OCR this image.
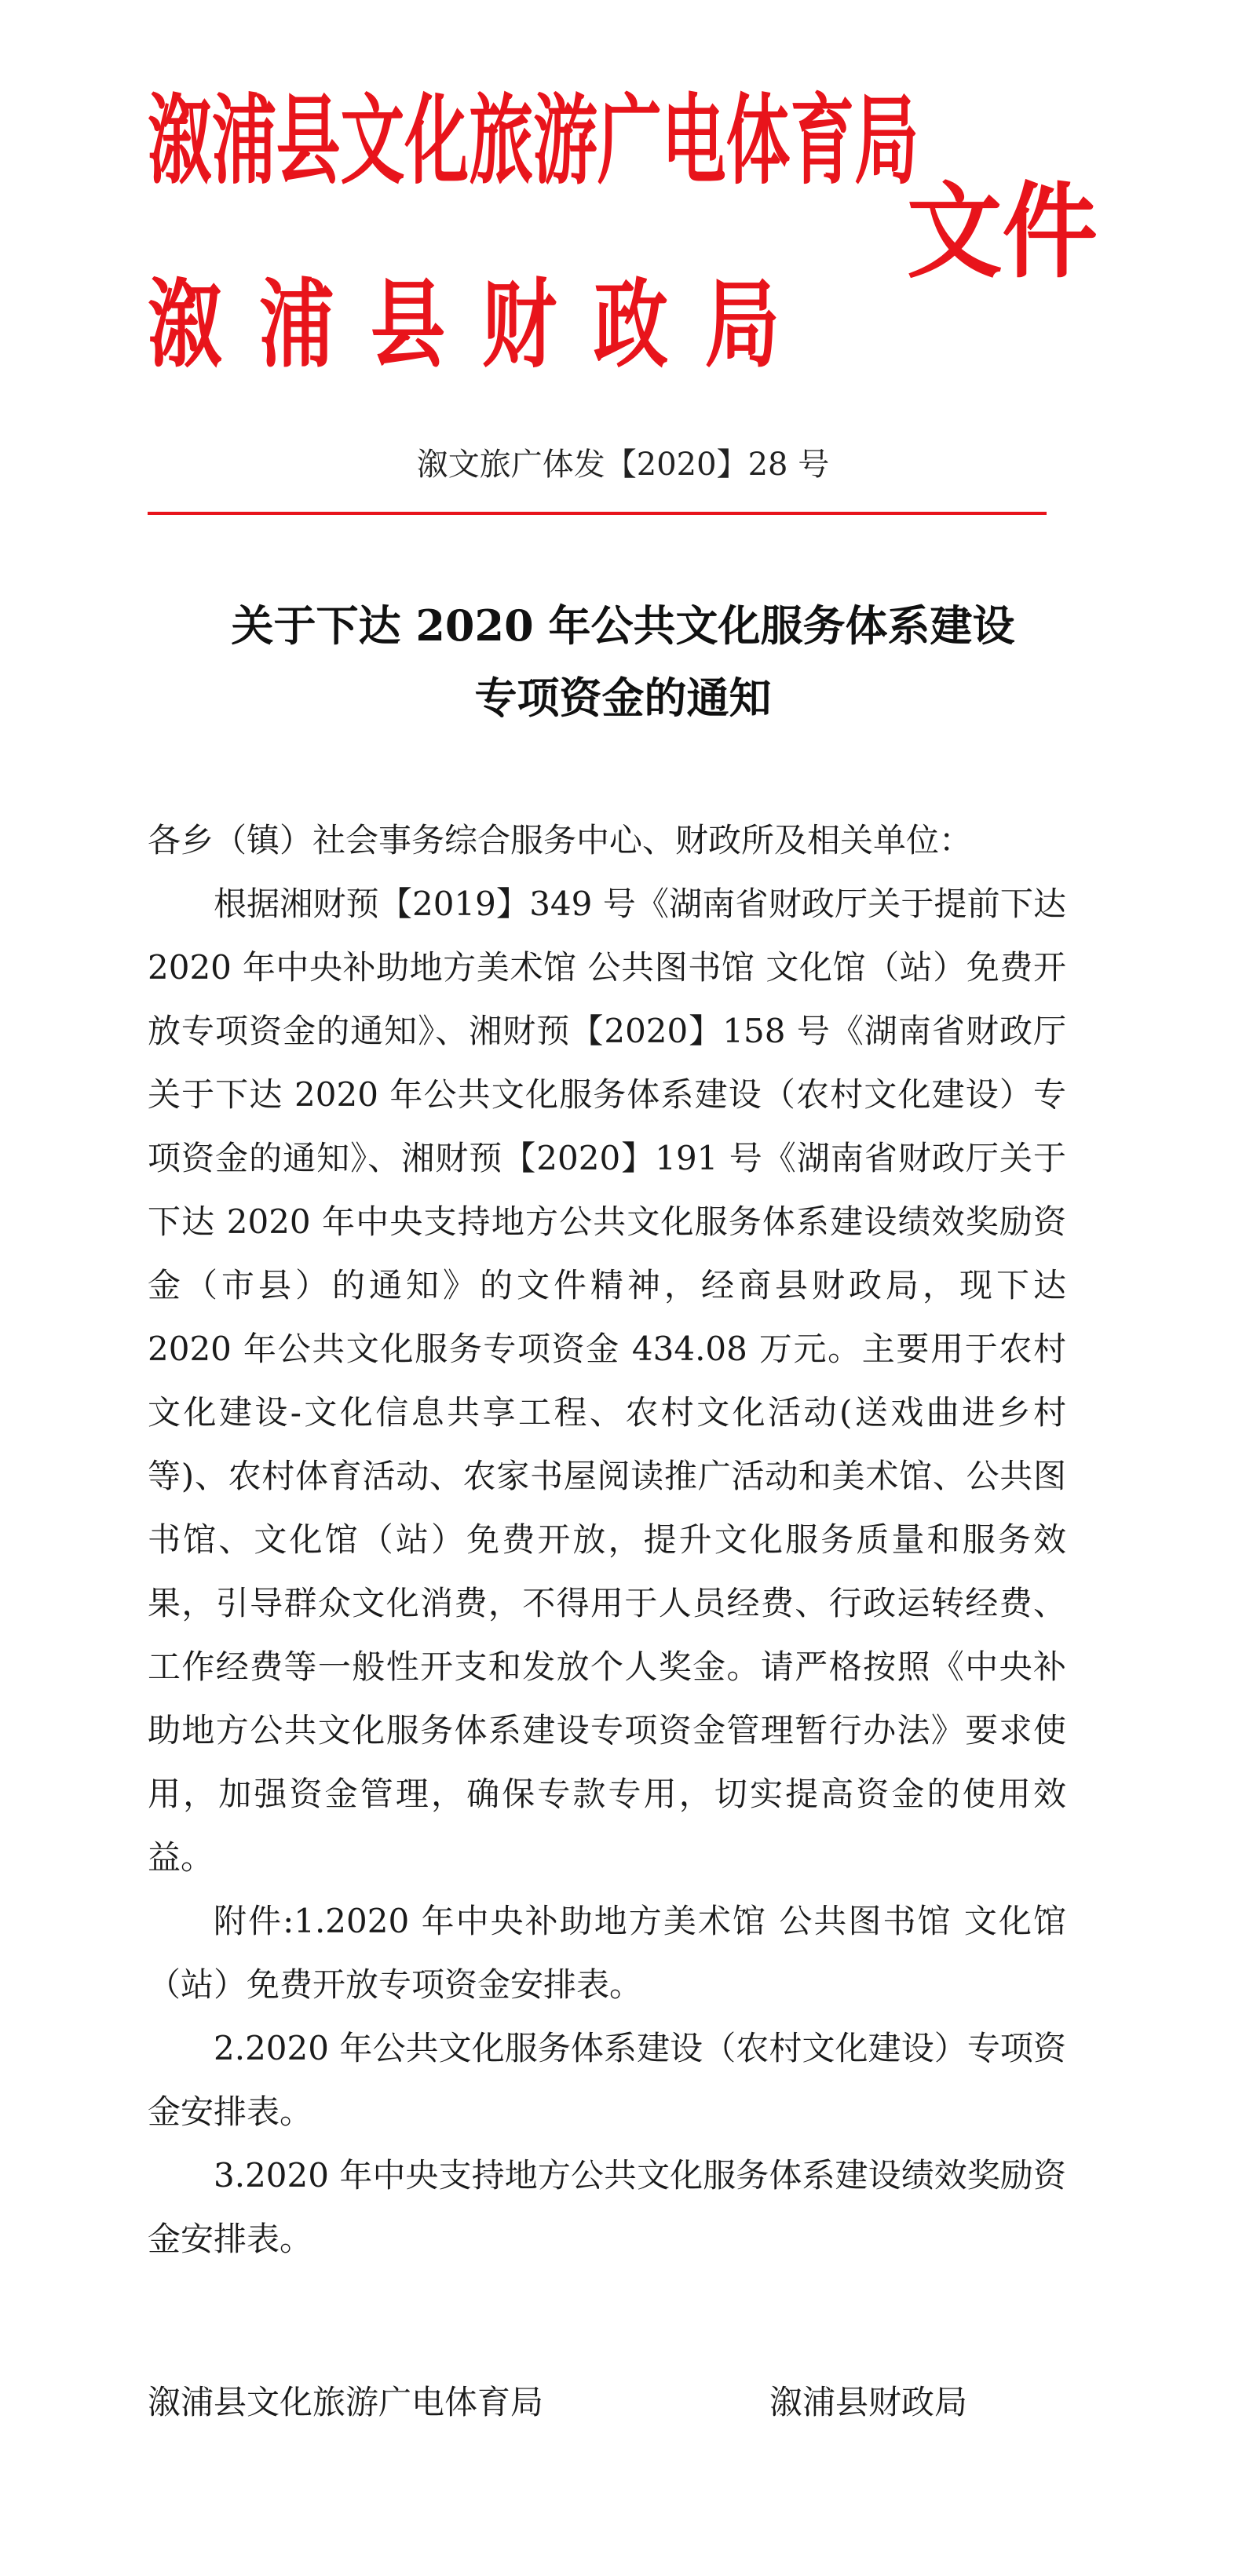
溆浦县文化旅游广电体育局
溆浦县财政局
文件
溆文旅广体发【2020】28 号
关于下达 2020 年公共文化服务体系建设
专项资金的通知

各乡（镇）社会事务综合服务中心、财政所及相关单位：

根据湘财预【2019】349 号《湖南省财政厅关于提前下达 2020 年中央补助地方美术馆 公共图书馆 文化馆（站）免费开放专项资金的通知》、湘财预【2020】158 号《湖南省财政厅关于下达 2020 年公共文化服务体系建设（农村文化建设）专项资金的通知》、湘财预【2020】191 号《湖南省财政厅关于下达 2020 年中央支持地方公共文化服务体系建设绩效奖励资金（市县）的通知》的文件精神，经商县财政局，现下达 2020 年公共文化服务专项资金 434.08 万元。主要用于农村文化建设-文化信息共享工程、农村文化活动(送戏曲进乡村等)、农村体育活动、农家书屋阅读推广活动和美术馆、公共图书馆、文化馆（站）免费开放，提升文化服务质量和服务效果，引导群众文化消费，不得用于人员经费、行政运转经费、工作经费等一般性开支和发放个人奖金。请严格按照《中央补助地方公共文化服务体系建设专项资金管理暂行办法》要求使用，加强资金管理，确保专款专用，切实提高资金的使用效益。

附件:1.2020 年中央补助地方美术馆 公共图书馆 文化馆（站）免费开放专项资金安排表。

2.2020 年公共文化服务体系建设（农村文化建设）专项资金安排表。

3.2020 年中央支持地方公共文化服务体系建设绩效奖励资金安排表。

溆浦县文化旅游广电体育局	溆浦县财政局
